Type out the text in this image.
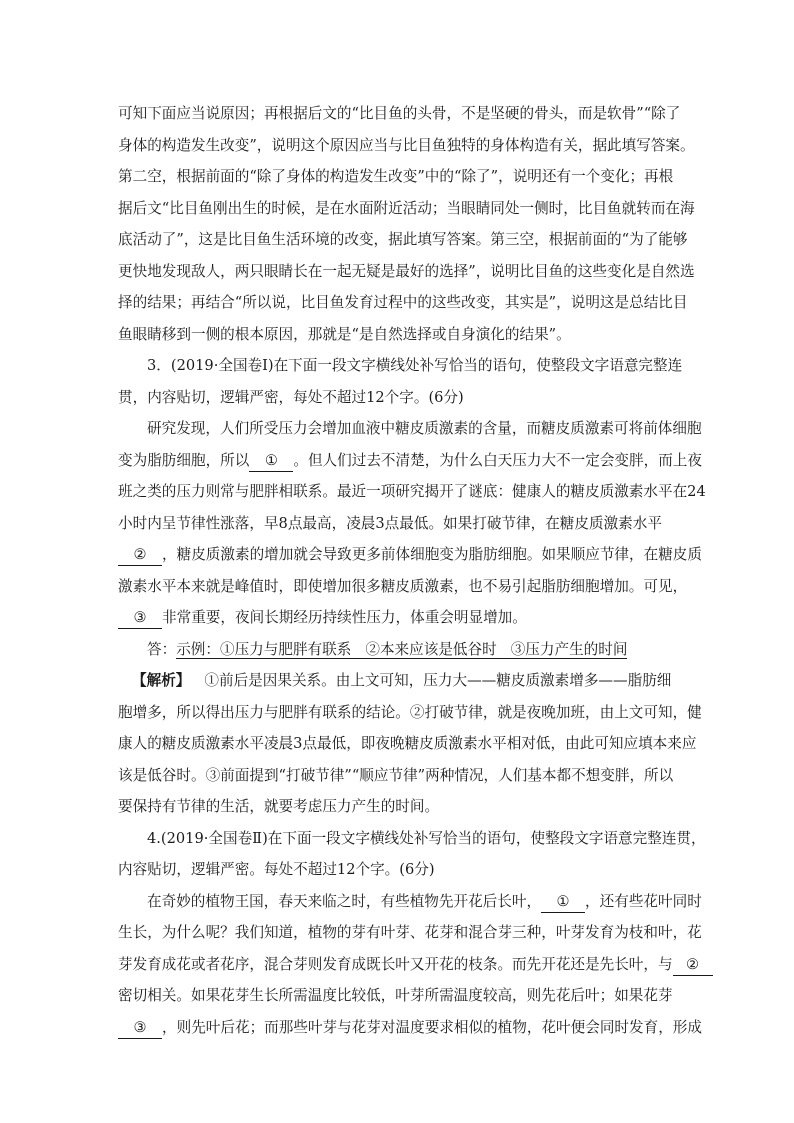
可知下面应当说原因；再根据后文的“比目鱼的头骨，不是坚硬的骨头，而是软骨”“除了
身体的构造发生改变”，说明这个原因应当与比目鱼独特的身体构造有关，据此填写答案。
第二空，根据前面的“除了身体的构造发生改变”中的“除了”，说明还有一个变化；再根
据后文“比目鱼刚出生的时候，是在水面附近活动；当眼睛同处一侧时，比目鱼就转而在海
底活动了”，这是比目鱼生活环境的改变，据此填写答案。第三空，根据前面的“为了能够
更快地发现敌人，两只眼睛长在一起无疑是最好的选择”，说明比目鱼的这些变化是自然选
择的结果；再结合“所以说，比目鱼发育过程中的这些改变，其实是”，说明这是总结比目
鱼眼睛移到一侧的根本原因，那就是“是自然选择或自身演化的结果”。
3．(2019·全国卷Ⅰ)在下面一段文字横线处补写恰当的语句，使整段文字语意完整连
贯，内容贴切，逻辑严密，每处不超过12个字。(6分)
研究发现，人们所受压力会增加血液中糖皮质激素的含量，而糖皮质激素可将前体细胞
变为脂肪细胞，所以 ① 。但人们过去不清楚，为什么白天压力大不一定会变胖，而上夜
班之类的压力则常与肥胖相联系。最近一项研究揭开了谜底：健康人的糖皮质激素水平在24
小时内呈节律性涨落，早8点最高，凌晨3点最低。如果打破节律，在糖皮质激素水平
② ，糖皮质激素的增加就会导致更多前体细胞变为脂肪细胞。如果顺应节律，在糖皮质
激素水平本来就是峰值时，即使增加很多糖皮质激素，也不易引起脂肪细胞增加。可见，
③ 非常重要，夜间长期经历持续性压力，体重会明显增加。
答：示例：①压力与肥胖有联系 ②本来应该是低谷时 ③压力产生的时间
【解析】 ①前后是因果关系。由上文可知，压力大——糖皮质激素增多——脂肪细
胞增多，所以得出压力与肥胖有联系的结论。②打破节律，就是夜晚加班，由上文可知，健
康人的糖皮质激素水平凌晨3点最低，即夜晚糖皮质激素水平相对低，由此可知应填本来应
该是低谷时。③前面提到“打破节律”“顺应节律”两种情况，人们基本都不想变胖，所以
要保持有节律的生活，就要考虑压力产生的时间。
4.(2019·全国卷Ⅱ)在下面一段文字横线处补写恰当的语句，使整段文字语意完整连贯，
内容贴切，逻辑严密。每处不超过12个字。(6分)
在奇妙的植物王国，春天来临之时，有些植物先开花后长叶， ① ，还有些花叶同时
生长，为什么呢？我们知道，植物的芽有叶芽、花芽和混合芽三种，叶芽发育为枝和叶，花
芽发育成花或者花序，混合芽则发育成既长叶又开花的枝条。而先开花还是先长叶，与 ②
密切相关。如果花芽生长所需温度比较低，叶芽所需温度较高，则先花后叶；如果花芽
③ ，则先叶后花；而那些叶芽与花芽对温度要求相似的植物，花叶便会同时发育，形成
